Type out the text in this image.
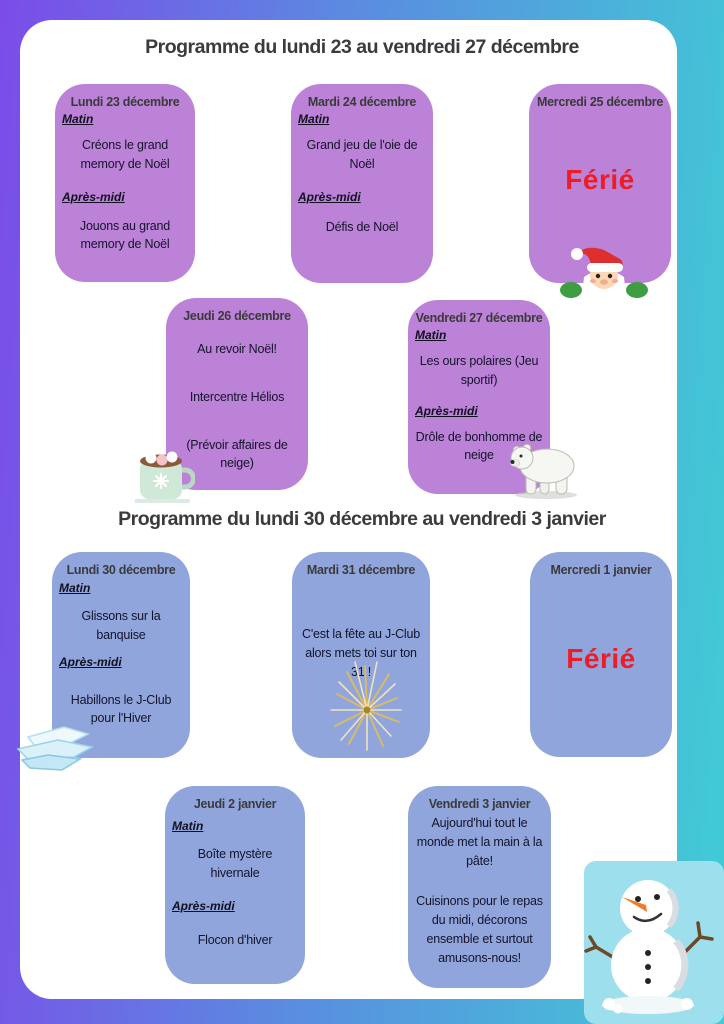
Programme du lundi 23 au vendredi 27 décembre
Lundi 23 décembre
Matin

Créons le grand memory de Noël

Après-midi

Jouons au grand memory de Noël

Mardi 24 décembre
Matin

Grand jeu de l'oie de Noël

Après-midi

Défis de Noël

Mercredi 25 décembre
Férié
Jeudi 26 décembre

Au revoir Noël!

Intercentre Hélios

(Prévoir affaires de neige)

Vendredi 27 décembre
Matin

Les ours polaires (Jeu sportif)

Après-midi

Drôle de bonhomme de neige

Programme du lundi 30 décembre au vendredi 3 janvier
Lundi 30 décembre
Matin

Glissons sur la banquise

Après-midi

Habillons le J-Club pour l'Hiver

Mardi 31 décembre

C'est la fête au J-Club alors mets toi sur ton 31 !

Mercredi 1 janvier
Férié
Jeudi 2 janvier
Matin

Boîte mystère hivernale

Après-midi

Flocon d'hiver

Vendredi 3 janvier

Aujourd'hui tout le monde met la main à la pâte!

Cuisinons pour le repas du midi, décorons ensemble et surtout amusons-nous!
